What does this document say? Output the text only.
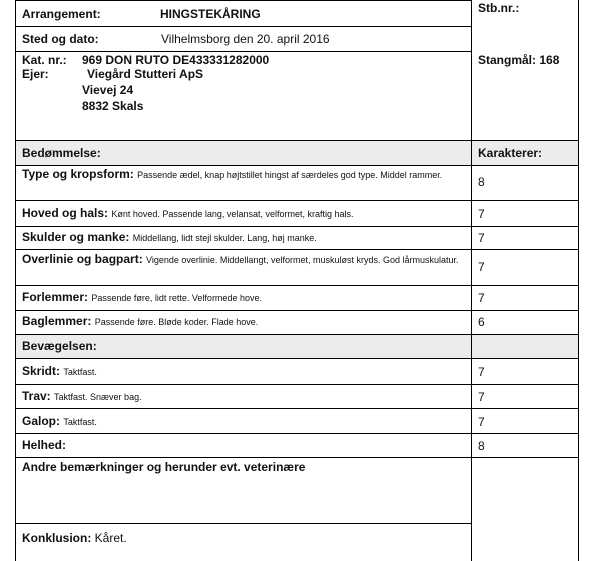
Arrangement:	HINGSTEKÅRING	Stb.nr.:
Sted og dato:	Vilhelmsborg den 20. april 2016
Kat. nr.: 969 DON RUTO DE433331282000
Ejer:	Viegård Stutteri ApS
Vievej 24
8832 Skals
Stangmål: 168
Bedømmelse:	Karakterer:
Type og kropsform: Passende ædel, knap højtstillet hingst af særdeles god type. Middel rammer.	8
Hoved og hals: Kønt hoved. Passende lang, velansat, velformet, kraftig hals.	7
Skulder og manke: Middellang, lidt stejl skulder. Lang, høj manke.	7
Overlinie og bagpart: Vigende overlinie. Middellangt, velformet, muskuløst kryds. God lårmuskulatur.	7
Forlemmer: Passende føre, lidt rette. Velformede hove.	7
Baglemmer: Passende føre. Bløde koder. Flade hove.	6
Bevægelsen:
Skridt: Taktfast.	7
Trav: Taktfast. Snæver bag.	7
Galop: Taktfast.	7
Helhed:	8
Andre bemærkninger og herunder evt. veterinære
Konklusion: Kåret.
